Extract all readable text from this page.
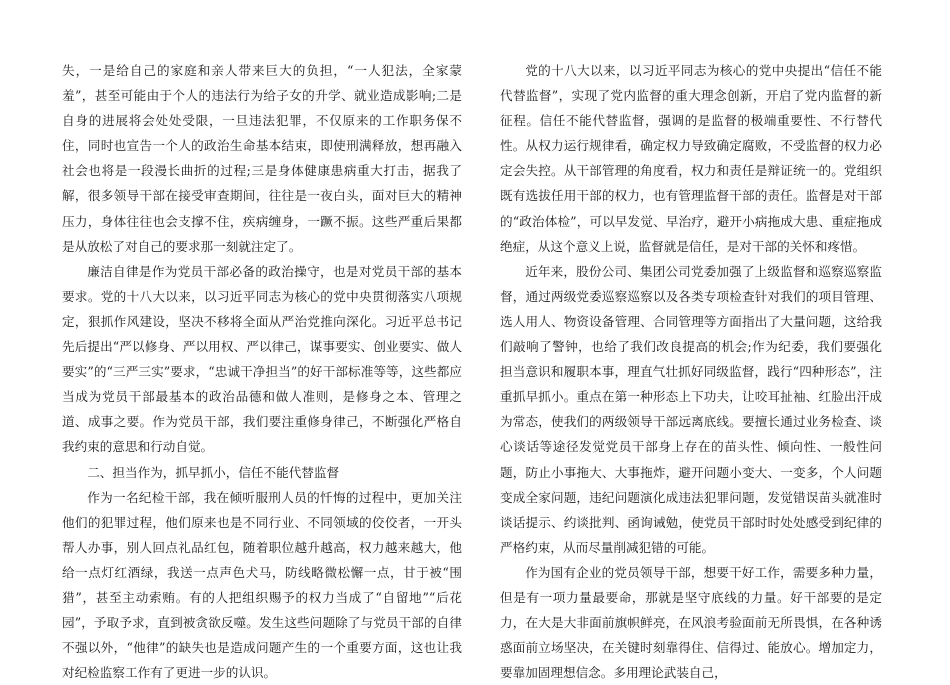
失，一是给自己的家庭和亲人带来巨大的负担，“一人犯法，全家蒙羞”，甚至可能由于个人的违法行为给子女的升学、就业造成影响;二是自身的进展将会处处受限，一旦违法犯罪，不仅原来的工作职务保不住，同时也宣告一个人的政治生命基本结束，即使刑满释放，想再融入社会也将是一段漫长曲折的过程;三是身体健康患病重大打击，据我了解，很多领导干部在接受审查期间，往往是一夜白头，面对巨大的精神压力，身体往往也会支撑不住，疾病缠身，一蹶不振。这些严重后果都是从放松了对自己的要求那一刻就注定了。

廉洁自律是作为党员干部必备的政治操守，也是对党员干部的基本要求。党的十八大以来，以习近平同志为核心的党中央贯彻落实八项规定，狠抓作风建设，坚决不移将全面从严治党推向深化。习近平总书记先后提出“严以修身、严以用权、严以律己，谋事要实、创业要实、做人要实”的“三严三实”要求，“忠诚干净担当”的好干部标准等等，这些都应当成为党员干部最基本的政治品德和做人准则，是修身之本、管理之道、成事之要。作为党员干部，我们要注重修身律己，不断强化严格自我约束的意思和行动自觉。

二、担当作为，抓早抓小，信任不能代替监督

作为一名纪检干部，我在倾听服刑人员的忏悔的过程中，更加关注他们的犯罪过程，他们原来也是不同行业、不同领域的佼佼者，一开头帮人办事，别人回点礼品红包，随着职位越升越高，权力越来越大，他给一点灯红酒绿，我送一点声色犬马，防线略微松懈一点，甘于被“围猎”，甚至主动索贿。有的人把组织赐予的权力当成了“自留地”“后花园”，予取予求，直到被贪欲反噬。发生这些问题除了与党员干部的自律不强以外，“他律”的缺失也是造成问题产生的一个重要方面，这也让我对纪检监察工作有了更进一步的认识。

党的十八大以来，以习近平同志为核心的党中央提出“信任不能代替监督”，实现了党内监督的重大理念创新，开启了党内监督的新征程。信任不能代替监督，强调的是监督的极端重要性、不行替代性。从权力运行规律看，确定权力导致确定腐败，不受监督的权力必定会失控。从干部管理的角度看，权力和责任是辩证统一的。党组织既有选拔任用干部的权力，也有管理监督干部的责任。监督是对干部的“政治体检”，可以早发觉、早治疗，避开小病拖成大患、重症拖成绝症，从这个意义上说，监督就是信任，是对干部的关怀和疼惜。

近年来，股份公司、集团公司党委加强了上级监督和巡察巡察监督，通过两级党委巡察巡察以及各类专项检查针对我们的项目管理、选人用人、物资设备管理、合同管理等方面指出了大量问题，这给我们敲响了警钟，也给了我们改良提高的机会;作为纪委，我们要强化担当意识和履职本事，理直气壮抓好同级监督，践行“四种形态”，注重抓早抓小。重点在第一种形态上下功夫，让咬耳扯袖、红脸出汗成为常态，使我们的两级领导干部远离底线。要擅长通过业务检查、谈心谈话等途径发觉党员干部身上存在的苗头性、倾向性、一般性问题，防止小事拖大、大事拖炸，避开问题小变大、一变多，个人问题变成全家问题，违纪问题演化成违法犯罪问题，发觉错误苗头就准时谈话提示、约谈批判、函询诫勉，使党员干部时时处处感受到纪律的严格约束，从而尽量削减犯错的可能。

作为国有企业的党员领导干部，想要干好工作，需要多种力量，但是有一项力量最要命，那就是坚守底线的力量。好干部要的是定力，在大是大非面前旗帜鲜亮，在风浪考验面前无所畏惧，在各种诱惑面前立场坚决，在关键时刻靠得住、信得过、能放心。增加定力，要靠加固理想信念。多用理论武装自己，
